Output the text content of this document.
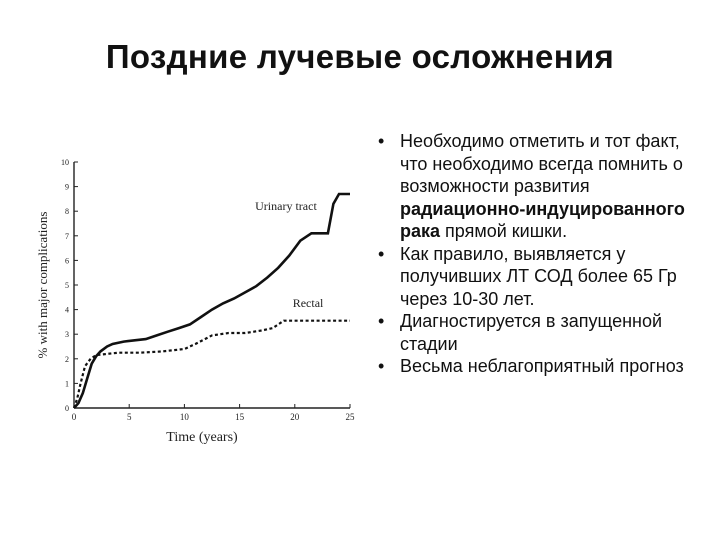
Поздние лучевые осложнения
0
1
2
3
4
5
6
7
8
9
10
0	5	10	15	20	25
Time (years)
% with major complications
Urinary tract
Rectal
• Необходимо отметить и тот факт, что необходимо всегда помнить о возможности развития радиационно-индуцированного рака прямой кишки.
• Как правило, выявляется у получивших ЛТ СОД более 65 Гр через 10-30 лет.
• Диагностируется в запущенной стадии
• Весьма неблагоприятный прогноз
